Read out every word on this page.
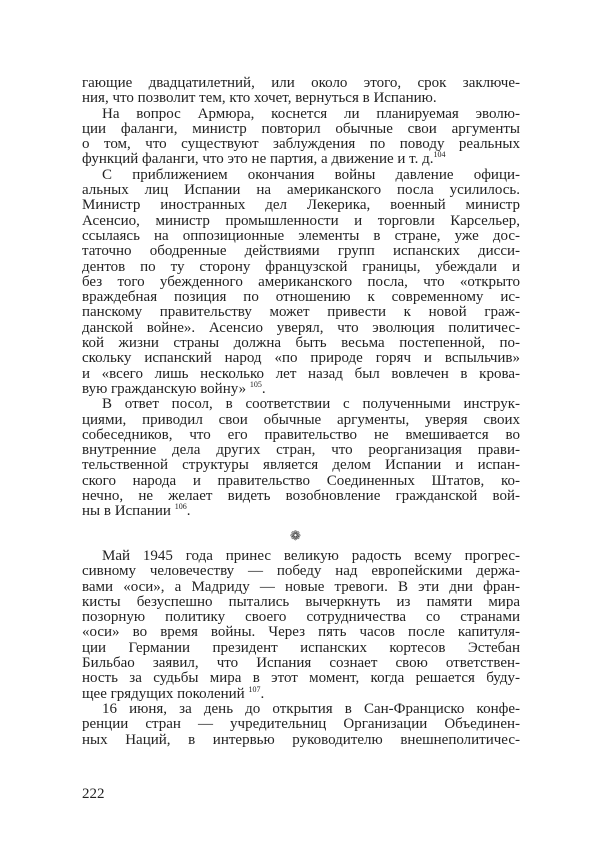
гающие двадцатилетний, или около этого, срок заключе-
ния, что позволит тем, кто хочет, вернуться в Испанию.
На вопрос Армюра, коснется ли планируемая эволю-
ции фаланги, министр повторил обычные свои аргументы
о том, что существуют заблуждения по поводу реальных
функций фаланги, что это не партия, а движение и т. д.$^{104}$
С приближением окончания войны давление офици-
альных лиц Испании на американского посла усилилось.
Министр иностранных дел Лекерика, военный министр
Асенсио, министр промышленности и торговли Карсельер,
ссылаясь на оппозиционные элементы в стране, уже дос-
таточно ободренные действиями групп испанских дисси-
дентов по ту сторону французской границы, убеждали и
без того убежденного американского посла, что «открыто
враждебная позиция по отношению к современному ис-
панскому правительству может привести к новой граж-
данской войне». Асенсио уверял, что эволюция политичес-
кой жизни страны должна быть весьма постепенной, по-
скольку испанский народ «по природе горяч и вспыльчив»
и «всего лишь несколько лет назад был вовлечен в крова-
вую гражданскую войну» $^{105}$.
В ответ посол, в соответствии с полученными инструк-
циями, приводил свои обычные аргументы, уверяя своих
собеседников, что его правительство не вмешивается во
внутренние дела других стран, что реорганизация прави-
тельственной структуры является делом Испании и испан-
ского народа и правительство Соединенных Штатов, ко-
нечно, не желает видеть возобновление гражданской вой-
ны в Испании $^{106}$.
❁
Май 1945 года принес великую радость всему прогрес-
сивному человечеству — победу над европейскими держа-
вами «оси», а Мадриду — новые тревоги. В эти дни фран-
кисты безуспешно пытались вычеркнуть из памяти мира
позорную политику своего сотрудничества со странами
«оси» во время войны. Через пять часов после капитуля-
ции Германии президент испанских кортесов Эстебан
Бильбао заявил, что Испания сознает свою ответствен-
ность за судьбы мира в этот момент, когда решается буду-
щее грядущих поколений $^{107}$.
16 июня, за день до открытия в Сан-Франциско конфе-
ренции стран — учредительниц Организации Объединен-
ных Наций, в интервью руководителю внешнеполитичес-
222
